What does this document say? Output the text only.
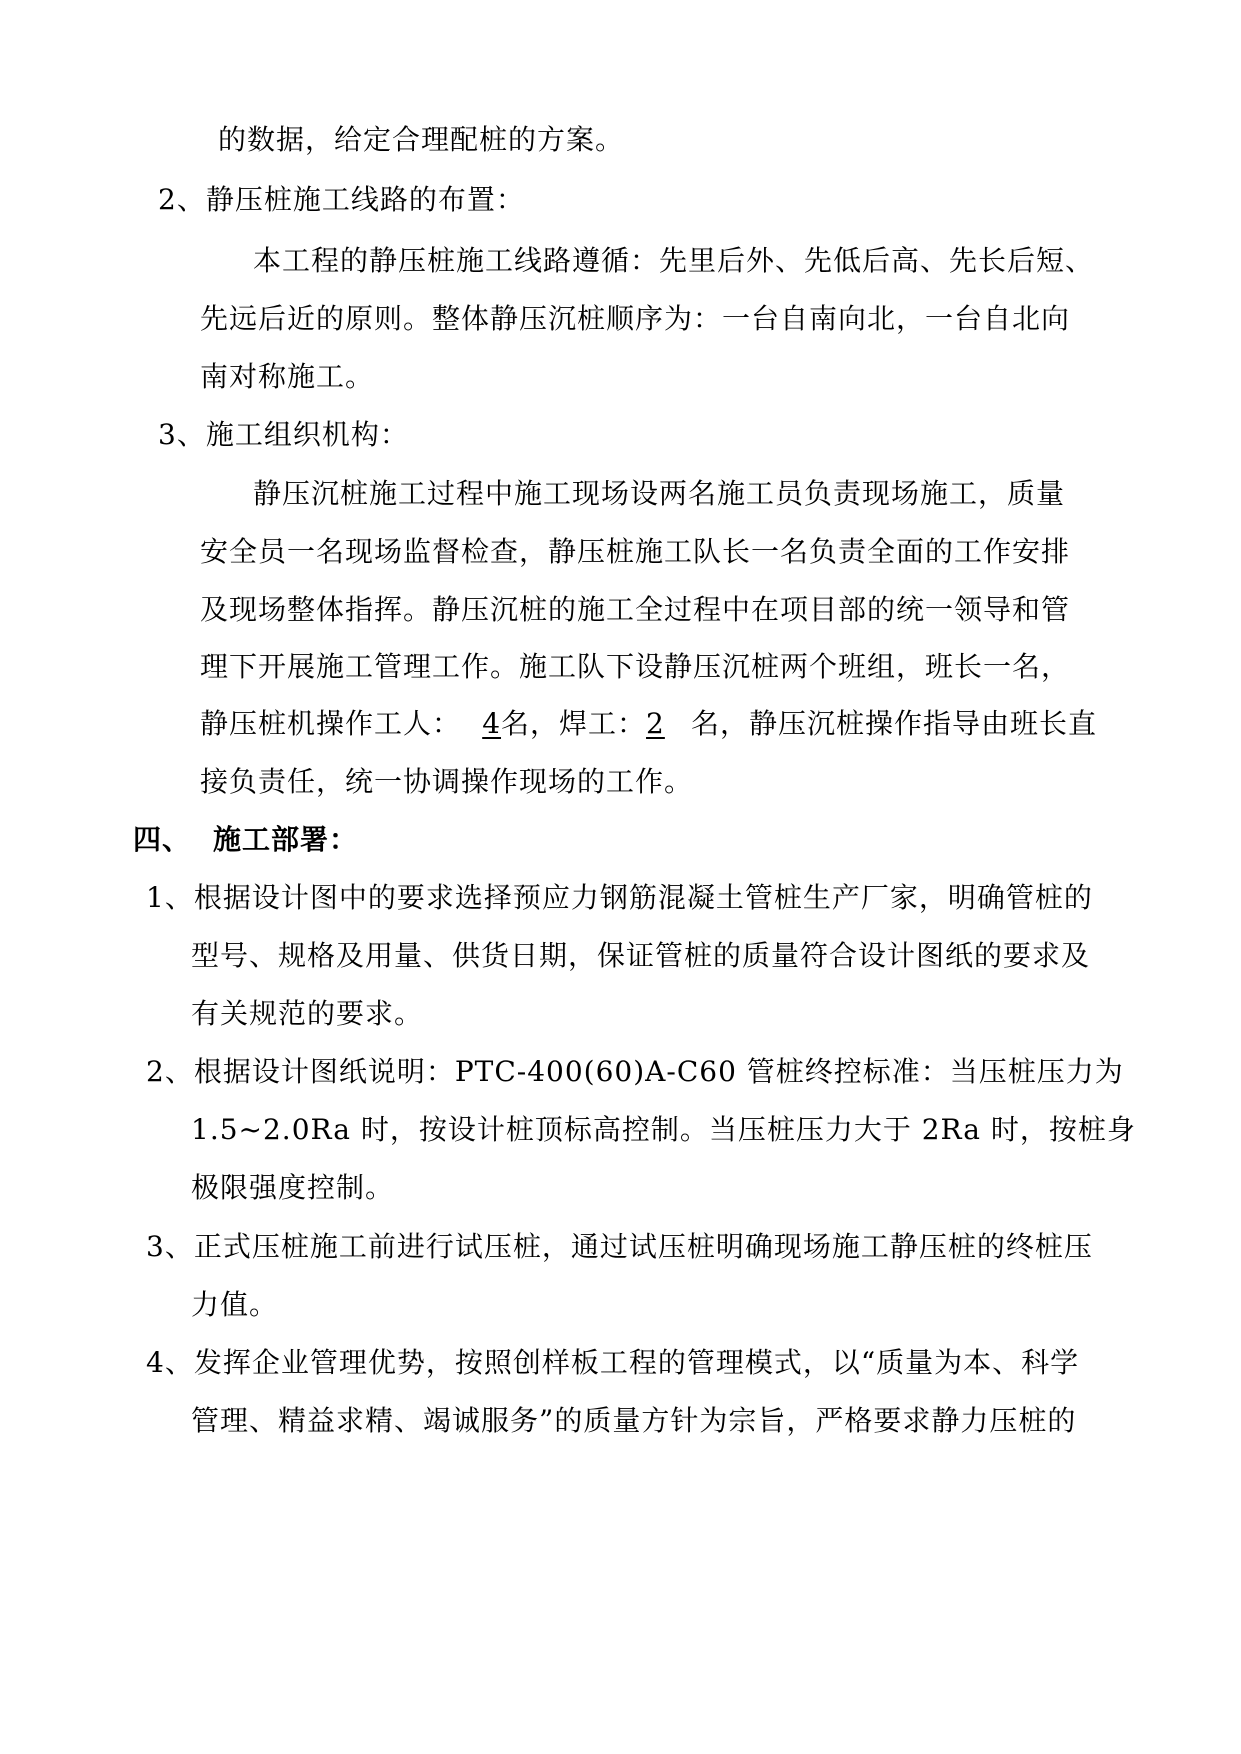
的数据，给定合理配桩的方案。
2、静压桩施工线路的布置：
本工程的静压桩施工线路遵循：先里后外、先低后高、先长后短、
先远后近的原则。整体静压沉桩顺序为：一台自南向北，一台自北向
南对称施工。
3、施工组织机构：
静压沉桩施工过程中施工现场设两名施工员负责现场施工，质量
安全员一名现场监督检查，静压桩施工队长一名负责全面的工作安排
及现场整体指挥。静压沉桩的施工全过程中在项目部的统一领导和管
理下开展施工管理工作。施工队下设静压沉桩两个班组，班长一名，
静压桩机操作工人： 4名，焊工：2 名，静压沉桩操作指导由班长直
接负责任，统一协调操作现场的工作。
四、 施工部署：
1、根据设计图中的要求选择预应力钢筋混凝土管桩生产厂家，明确管桩的
型号、规格及用量、供货日期，保证管桩的质量符合设计图纸的要求及
有关规范的要求。
2、根据设计图纸说明：PTC-400(60)A-C60 管桩终控标准：当压桩压力为
1.5~2.0Ra 时，按设计桩顶标高控制。当压桩压力大于 2Ra 时，按桩身
极限强度控制。
3、正式压桩施工前进行试压桩，通过试压桩明确现场施工静压桩的终桩压
力值。
4、发挥企业管理优势，按照创样板工程的管理模式，以“质量为本、科学
管理、精益求精、竭诚服务”的质量方针为宗旨，严格要求静力压桩的
